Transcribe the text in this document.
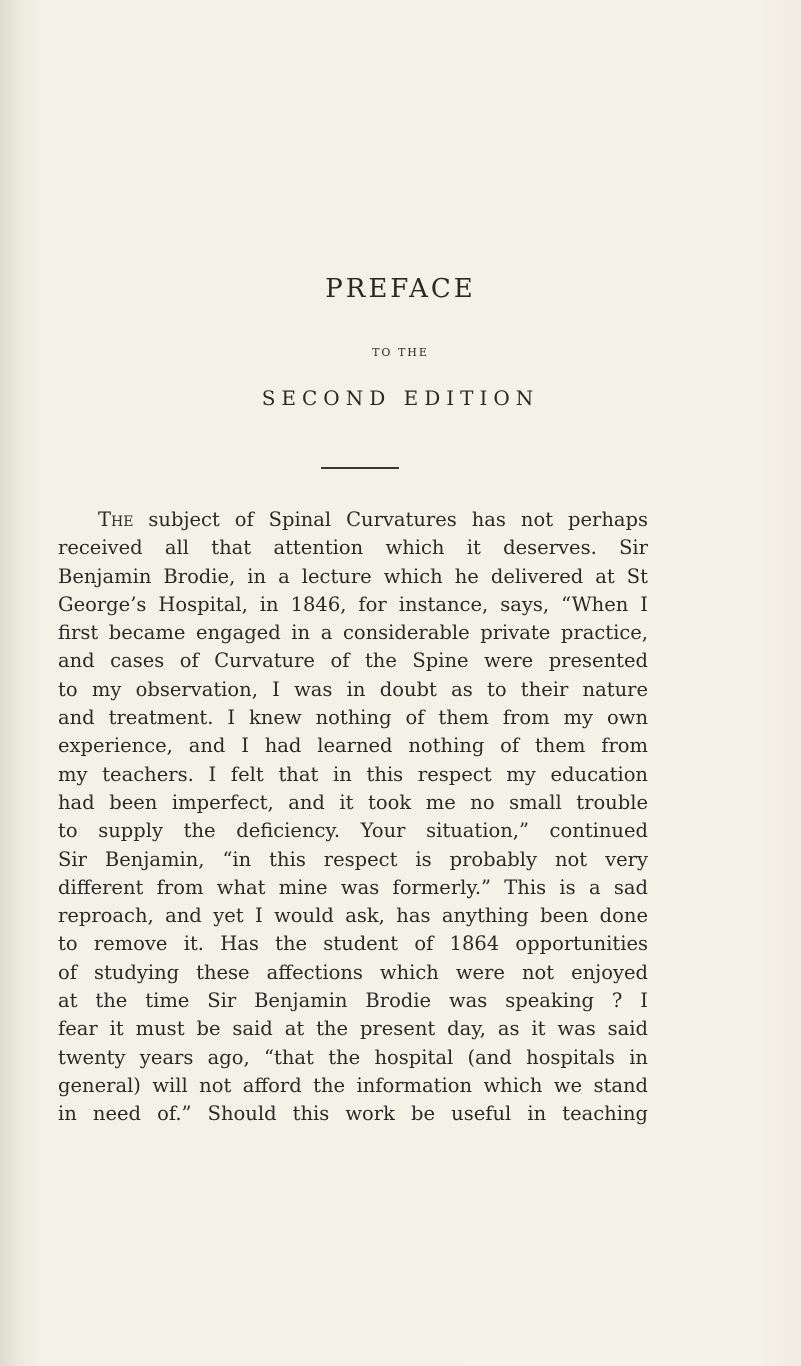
PREFACE
TO THE
SECOND EDITION
The subject of Spinal Curvatures has not perhaps
received all that attention which it deserves. Sir
Benjamin Brodie, in a lecture which he delivered at St
George’s Hospital, in 1846, for instance, says, “When I
first became engaged in a considerable private practice,
and cases of Curvature of the Spine were presented
to my observation, I was in doubt as to their nature
and treatment. I knew nothing of them from my own
experience, and I had learned nothing of them from
my teachers. I felt that in this respect my education
had been imperfect, and it took me no small trouble
to supply the deficiency. Your situation,” continued
Sir Benjamin, “in this respect is probably not very
different from what mine was formerly.” This is a sad
reproach, and yet I would ask, has anything been done
to remove it. Has the student of 1864 opportunities
of studying these affections which were not enjoyed
at the time Sir Benjamin Brodie was speaking ? I
fear it must be said at the present day, as it was said
twenty years ago, “that the hospital (and hospitals in
general) will not afford the information which we stand
in need of.” Should this work be useful in teaching
